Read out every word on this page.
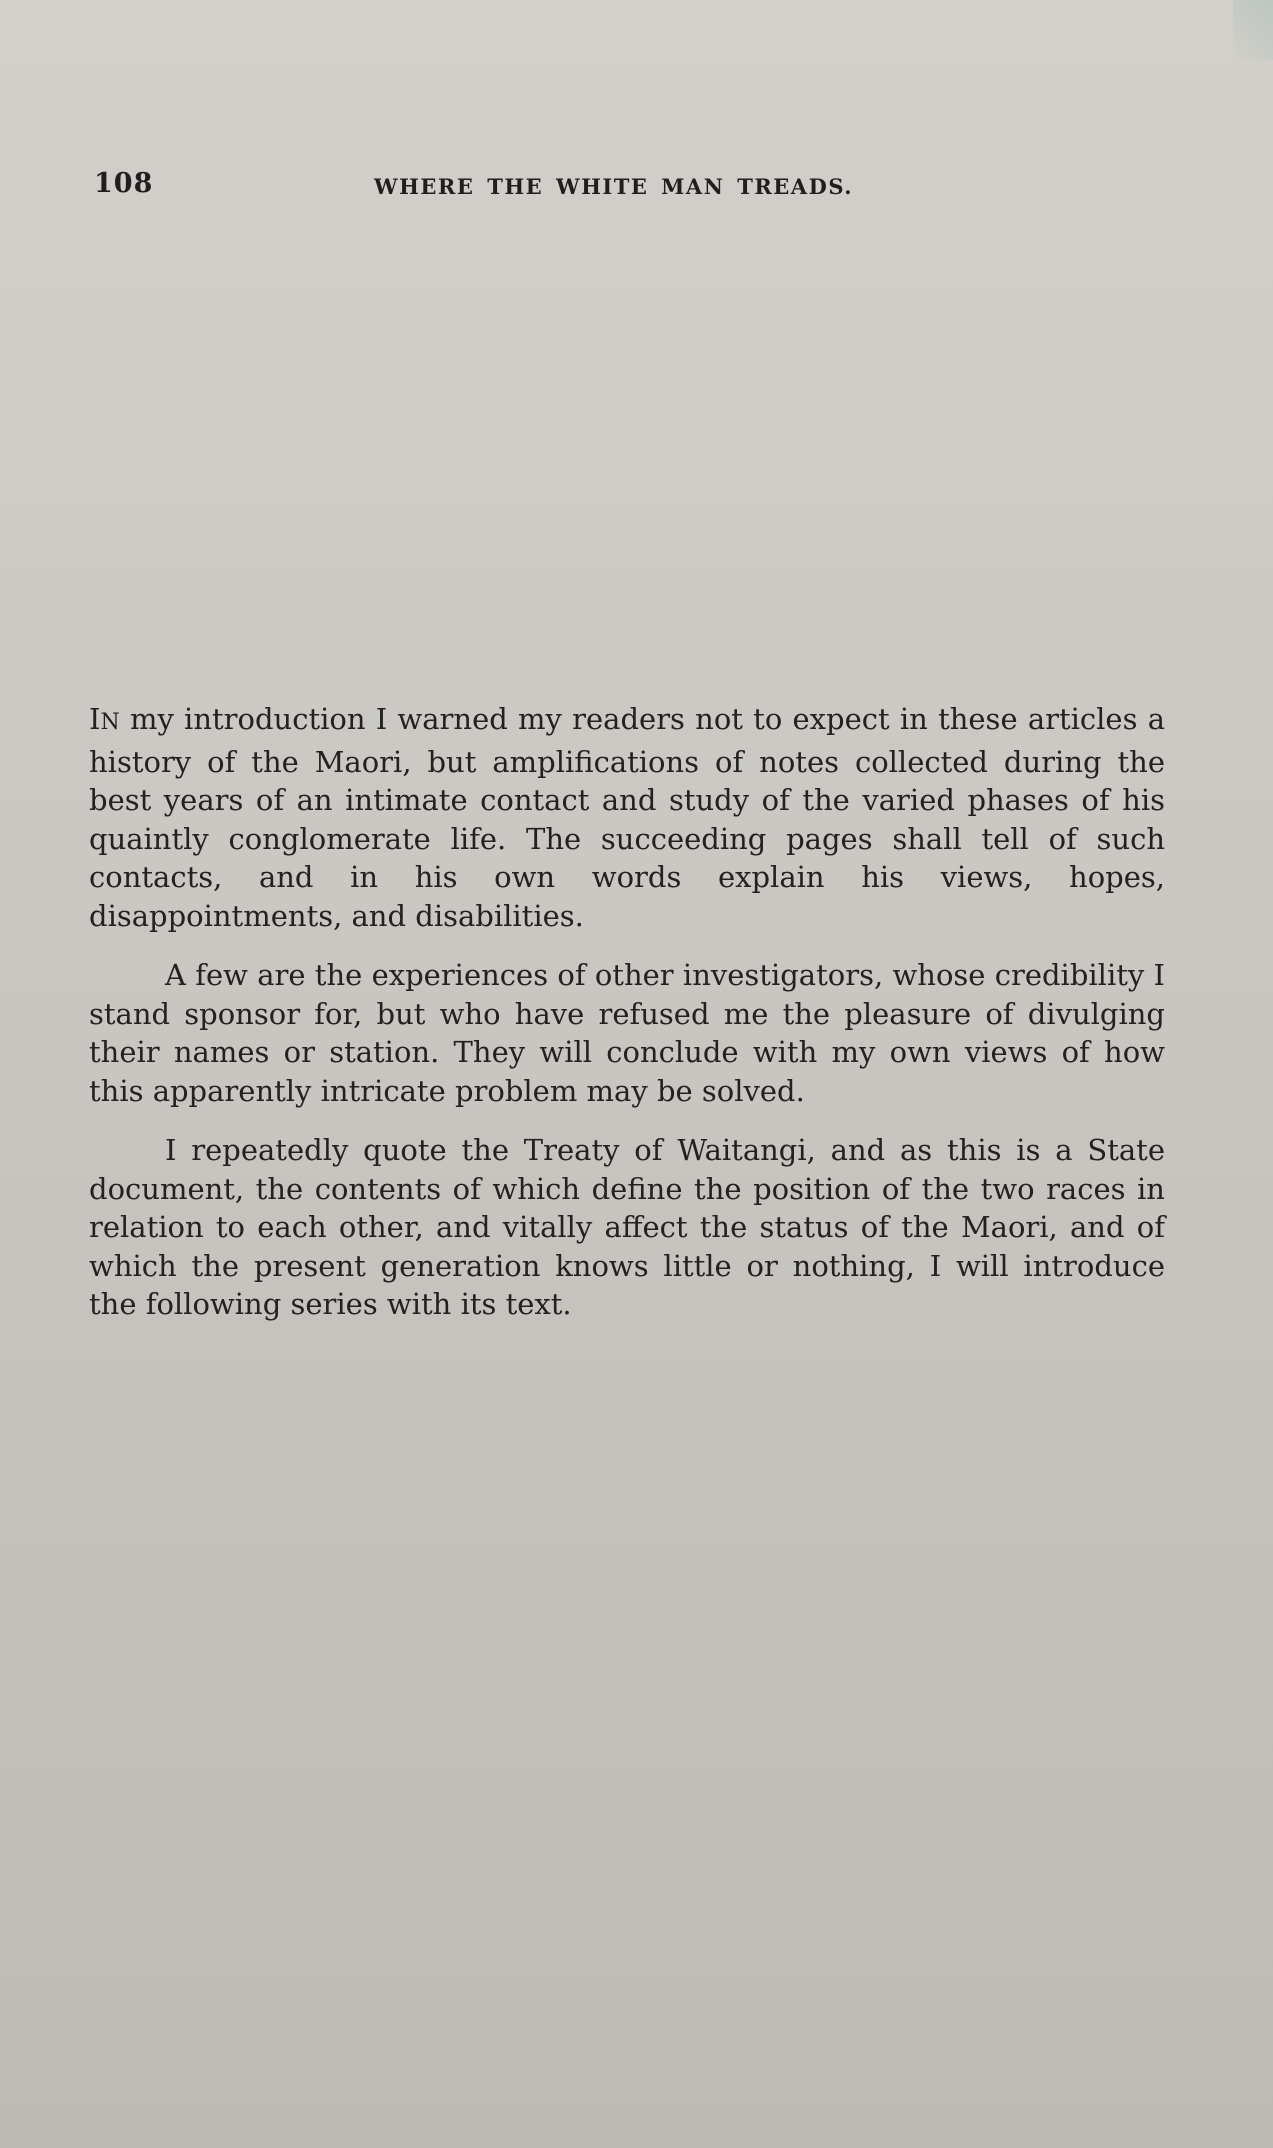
108	WHERE THE WHITE MAN TREADS.

IN my introduction I warned my readers not to expect in these articles a history of the Maori, but amplifications of notes collected during the best years of an intimate contact and study of the varied phases of his quaintly conglomerate life. The succeeding pages shall tell of such contacts, and in his own words explain his views, hopes, disappointments, and disabilities.

A few are the experiences of other investigators, whose credibility I stand sponsor for, but who have refused me the pleasure of divulging their names or station. They will conclude with my own views of how this apparently intricate problem may be solved.

I repeatedly quote the Treaty of Waitangi, and as this is a State document, the contents of which define the position of the two races in relation to each other, and vitally affect the status of the Maori, and of which the present generation knows little or nothing, I will introduce the following series with its text.
